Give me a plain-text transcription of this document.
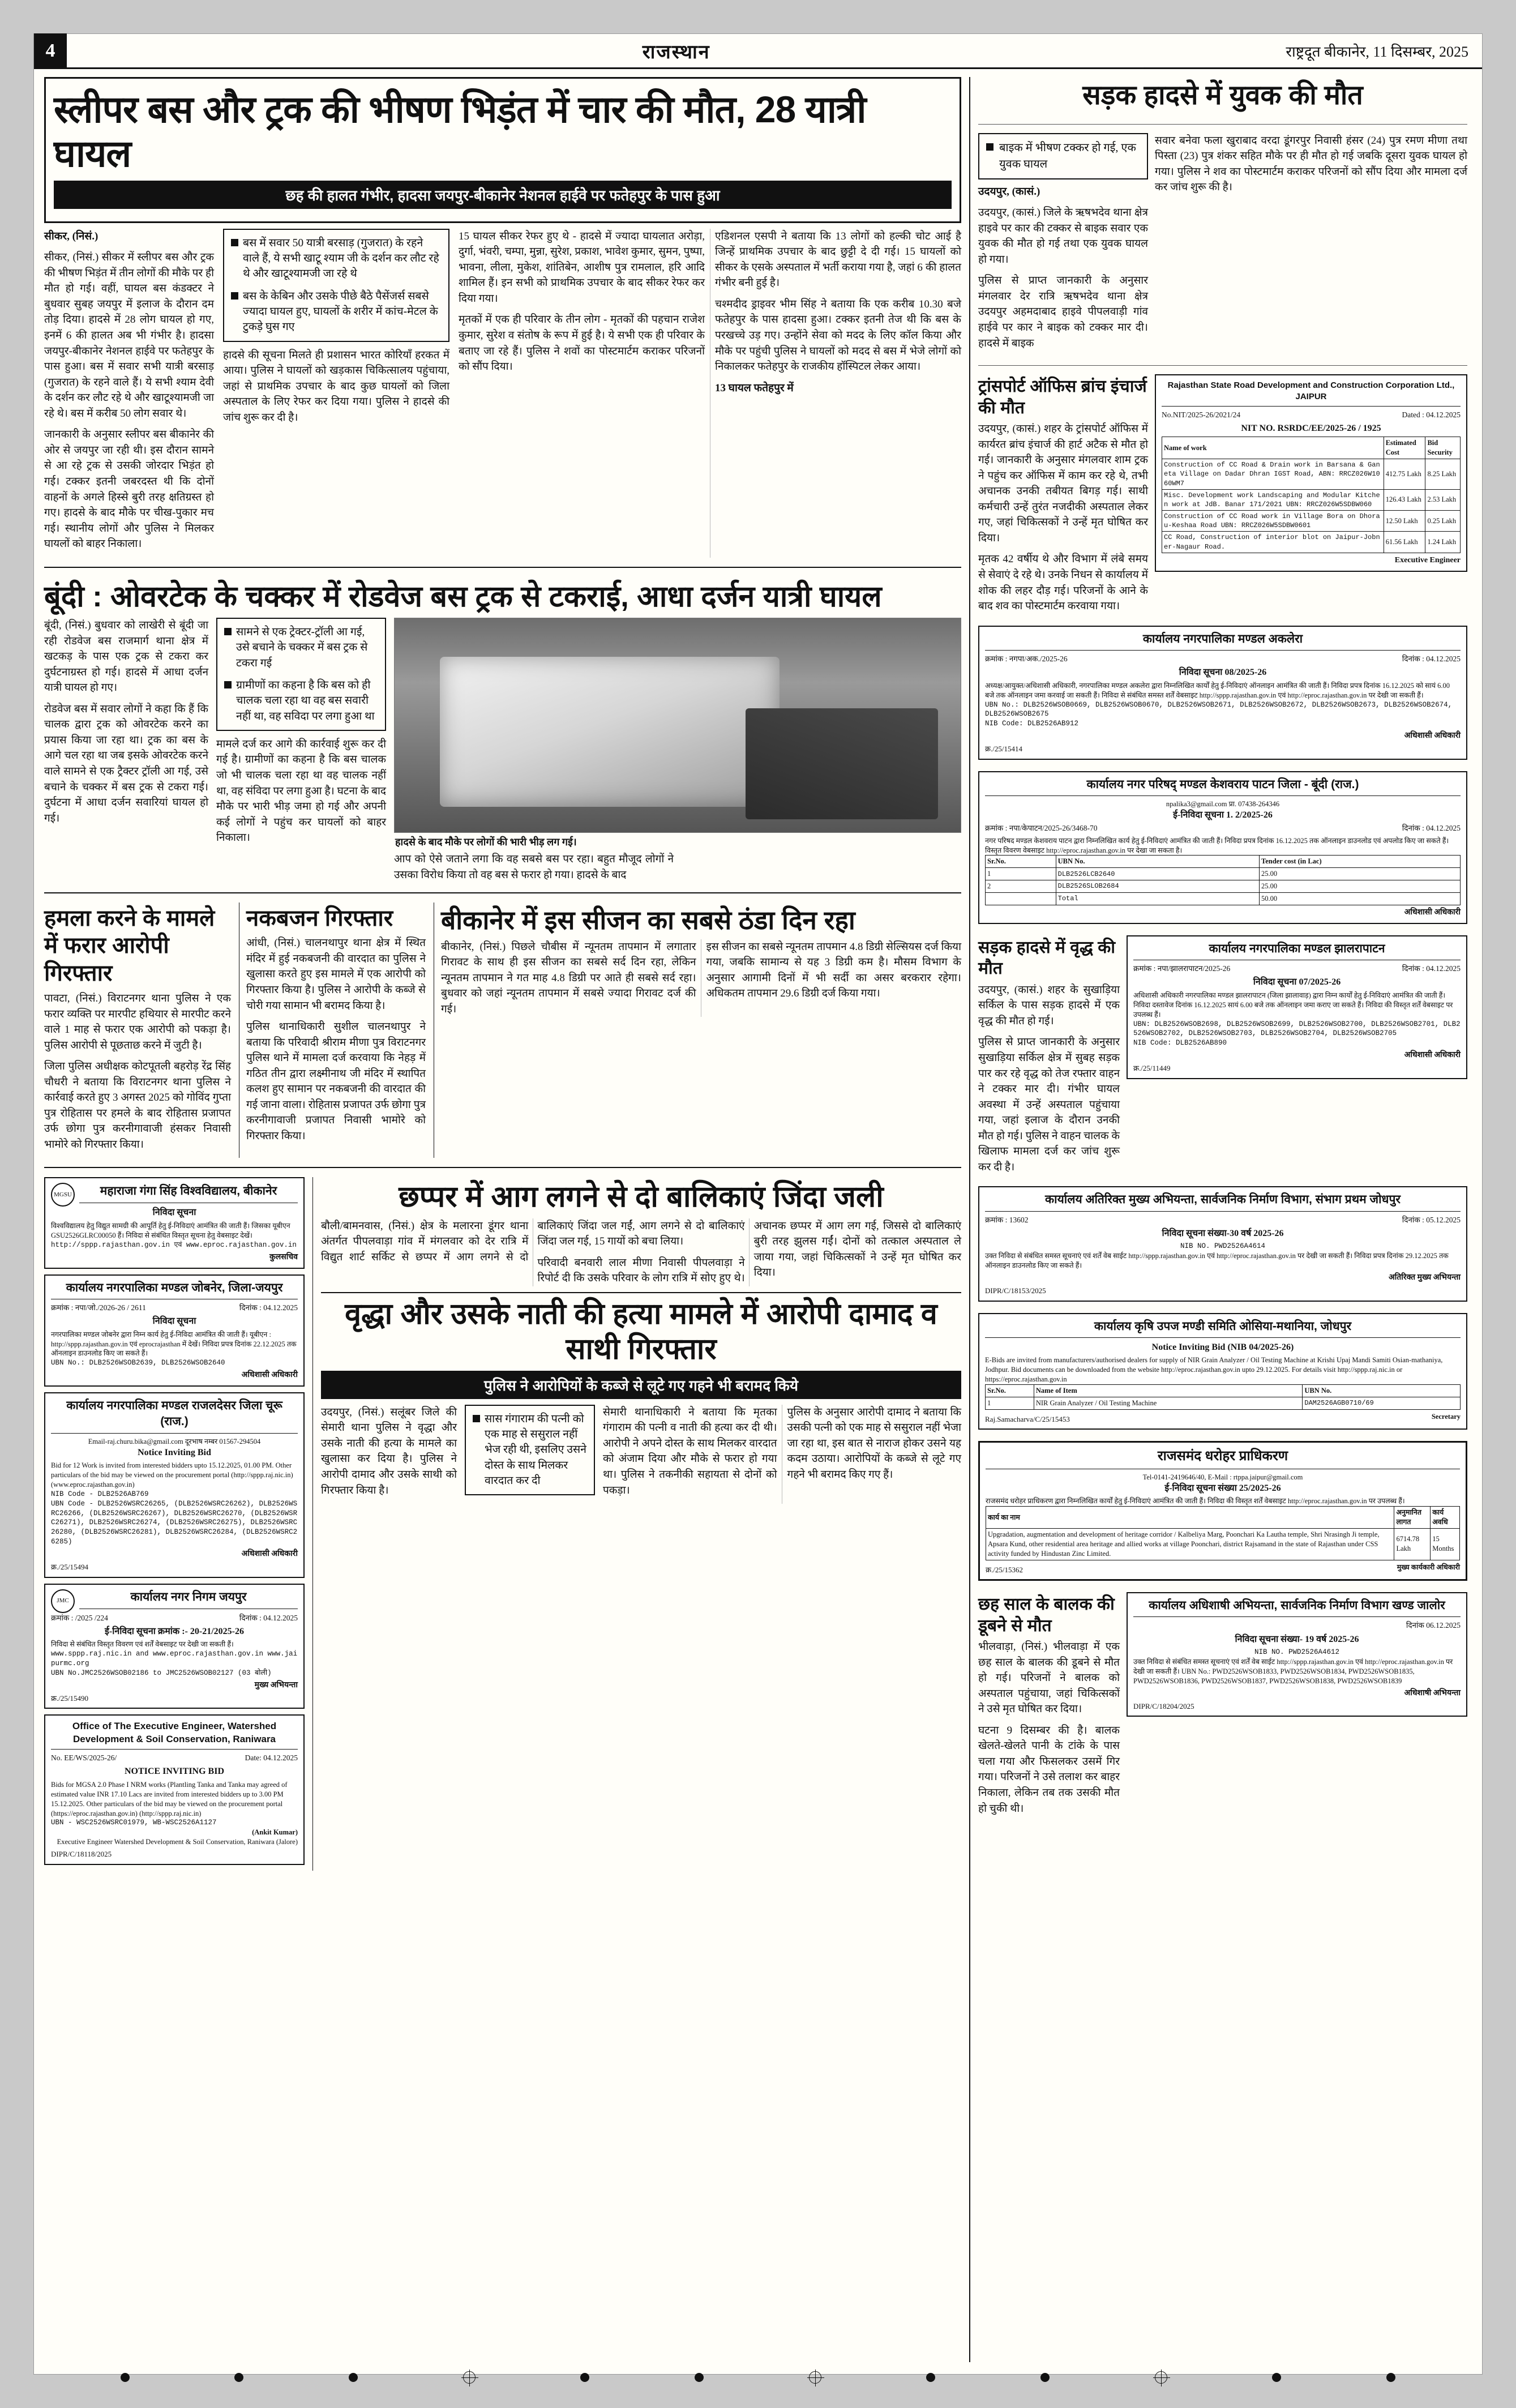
4	राजस्थान	राष्ट्रदूत बीकानेर, 11 दिसम्बर, 2025
स्लीपर बस और ट्रक की भीषण भिड़ंत में चार की मौत, 28 यात्री घायल
छह की हालत गंभीर, हादसा जयपुर-बीकानेर नेशनल हाईवे पर फतेहपुर के पास हुआ

सीकर, (निसं.)

सीकर, (निसं.) सीकर में स्लीपर बस और ट्रक की भीषण भिड़ंत में तीन लोगों की मौके पर ही मौत हो गई। वहीं, घायल बस कंडक्टर ने बुधवार सुबह जयपुर में इलाज के दौरान दम तोड़ दिया। हादसे में 28 लोग घायल हो गए, इनमें 6 की हालत अब भी गंभीर है। हादसा जयपुर-बीकानेर नेशनल हाईवे पर फतेहपुर के पास हुआ। बस में सवार सभी यात्री बरसाड़ (गुजरात) के रहने वाले हैं। ये सभी श्याम देवी के दर्शन कर लौट रहे थे और खाटूश्यामजी जा रहे थे। बस में करीब 50 लोग सवार थे।

जानकारी के अनुसार स्लीपर बस बीकानेर की ओर से जयपुर जा रही थी। इस दौरान सामने से आ रहे ट्रक से उसकी जोरदार भिड़ंत हो गई। टक्कर इतनी जबरदस्त थी कि दोनों वाहनों के अगले हिस्से बुरी तरह क्षतिग्रस्त हो गए। हादसे के बाद मौके पर चीख-पुकार मच गई। स्थानीय लोगों और पुलिस ने मिलकर घायलों को बाहर निकाला।

बस में सवार 50 यात्री बरसाड़ (गुजरात) के रहने वाले हैं, ये सभी खाटू श्याम जी के दर्शन कर लौट रहे थे और खाटूश्यामजी जा रहे थे
बस के केबिन और उसके पीछे बैठे पैसेंजर्स सबसे ज्यादा घायल हुए, घायलों के शरीर में कांच-मेटल के टुकड़े घुस गए

हादसे की सूचना मिलते ही प्रशासन भारत कोरियाँ हरकत में आया। पुलिस ने घायलों को खड़कास चिकित्सालय पहुंचाया, जहां से प्राथमिक उपचार के बाद कुछ घायलों को जिला अस्पताल के लिए रेफर कर दिया गया। पुलिस ने हादसे की जांच शुरू कर दी है।

15 घायल सीकर रेफर हुए थे - हादसे में ज्यादा घायलात अरोड़ा, दुर्गा, भंवरी, चम्पा, मुन्ना, सुरेश, प्रकाश, भावेश कुमार, सुमन, पुष्पा, भावना, लीला, मुकेश, शांतिबेन, आशीष पुत्र रामलाल, हरि आदि शामिल हैं। इन सभी को प्राथमिक उपचार के बाद सीकर रेफर कर दिया गया।

मृतकों में एक ही परिवार के तीन लोग - मृतकों की पहचान राजेश कुमार, सुरेश व संतोष के रूप में हुई है। ये सभी एक ही परिवार के बताए जा रहे हैं। पुलिस ने शवों का पोस्टमार्टम कराकर परिजनों को सौंप दिया।

एडिशनल एसपी ने बताया कि 13 लोगों को हल्की चोट आई है जिन्हें प्राथमिक उपचार के बाद छुट्टी दे दी गई। 15 घायलों को सीकर के एसके अस्पताल में भर्ती कराया गया है, जहां 6 की हालत गंभीर बनी हुई है।

चश्मदीद ड्राइवर भीम सिंह ने बताया कि एक करीब 10.30 बजे फतेहपुर के पास हादसा हुआ। टक्कर इतनी तेज थी कि बस के परखच्चे उड़ गए। उन्होंने सेवा को मदद के लिए कॉल किया और मौके पर पहुंची पुलिस ने घायलों को मदद से बस में भेजे लोगों को निकालकर फतेहपुर के राजकीय हॉस्पिटल लेकर आया।

13 घायल फतेहपुर में

बूंदी : ओवरटेक के चक्कर में रोडवेज बस ट्रक से टकराई, आधा दर्जन यात्री घायल

बूंदी, (निसं.) बुधवार को लाखेरी से बूंदी जा रही रोडवेज बस राजमार्ग थाना क्षेत्र में खटकड़ के पास एक ट्रक से टकरा कर दुर्घटनाग्रस्त हो गई। हादसे में आधा दर्जन यात्री घायल हो गए।

रोडवेज बस में सवार लोगों ने कहा कि हैं कि चालक द्वारा ट्रक को ओवरटेक करने का प्रयास किया जा रहा था। ट्रक का बस के आगे चल रहा था जब इसके ओवरटेक करने वाले सामने से एक ट्रैक्टर ट्रॉली आ गई, उसे बचाने के चक्कर में बस ट्रक से टकरा गई। दुर्घटना में आधा दर्जन सवारियां घायल हो गई।

सामने से एक ट्रेक्टर-ट्रॉली आ गई, उसे बचाने के चक्कर में बस ट्रक से टकरा गई
ग्रामीणों का कहना है कि बस को ही चालक चला रहा था वह बस सवारी नहीं था, वह सविदा पर लगा हुआ था

मामले दर्ज कर आगे की कार्रवाई शुरू कर दी गई है। ग्रामीणों का कहना है कि बस चालक जो भी चालक चला रहा था वह चालक नहीं था, वह संविदा पर लगा हुआ है। घटना के बाद मौके पर भारी भीड़ जमा हो गई और अपनी कई लोगों ने पहुंच कर घायलों को बाहर निकाला।	हादसे के बाद मौके पर लोगों की भारी भीड़ लग गई।

आप को ऐसे जताने लगा कि वह सबसे बस पर रहा। बहुत मौजूद लोगों ने उसका विरोध किया तो वह बस से फरार हो गया। हादसे के बाद

हमला करने के मामले में फरार आरोपी गिरफ्तार

पावटा, (निसं.) विराटनगर थाना पुलिस ने एक फरार व्यक्ति पर मारपीट हथियार से मारपीट करने वाले 1 माह से फरार एक आरोपी को पकड़ा है। पुलिस आरोपी से पूछताछ करने में जुटी है।

जिला पुलिस अधीक्षक कोटपूतली बहरोड़ रेंद्र सिंह चौधरी ने बताया कि विराटनगर थाना पुलिस ने कार्रवाई करते हुए 3 अगस्त 2025 को गोविंद गुप्ता पुत्र रोहितास पर हमले के बाद रोहितास प्रजापत उर्फ छोगा पुत्र करनीगावाजी हंसकर निवासी भामोरे को गिरफ्तार किया।

नकबजन गिरफ्तार

आंधी, (निसं.) चालनथापुर थाना क्षेत्र में स्थित मंदिर में हुई नकबजनी की वारदात का पुलिस ने खुलासा करते हुए इस मामले में एक आरोपी को गिरफ्तार किया है। पुलिस ने आरोपी के कब्जे से चोरी गया सामान भी बरामद किया है।

पुलिस थानाधिकारी सुशील चालनथापुर ने बताया कि परिवादी श्रीराम मीणा पुत्र विराटनगर पुलिस थाने में मामला दर्ज करवाया कि नेहड़ में गठित तीन द्वारा लक्ष्मीनाथ जी मंदिर में स्थापित कलश हुए सामान पर नकबजनी की वारदात की गई जाना वाला। रोहितास प्रजापत उर्फ छोगा पुत्र करनीगावाजी प्रजापत निवासी भामोरे को गिरफ्तार किया।

बीकानेर में इस सीजन का सबसे ठंडा दिन रहा

बीकानेर, (निसं.) पिछले चौबीस में न्यूनतम तापमान में लगातार गिरावट के साथ ही इस सीजन का सबसे सर्द दिन रहा, लेकिन न्यूनतम तापमान ने गत माह 4.8 डिग्री पर आते ही सबसे सर्द रहा। बुधवार को जहां न्यूनतम तापमान में सबसे ज्यादा गिरावट दर्ज की गई।

इस सीजन का सबसे न्यूनतम तापमान 4.8 डिग्री सेल्सियस दर्ज किया गया, जबकि सामान्य से यह 3 डिग्री कम है। मौसम विभाग के अनुसार आगामी दिनों में भी सर्दी का असर बरकरार रहेगा। अधिकतम तापमान 29.6 डिग्री दर्ज किया गया।

MGSU	महाराजा गंगा सिंह विश्वविद्यालय, बीकानेर
निविदा सूचना
विश्वविद्यालय हेतु विद्युत सामग्री की आपूर्ति हेतु ई-निविदाएं आमंत्रित की जाती हैं। जिसका यूबीएन GSU2526GLRC00050 हैं। निविदा से संबंधित विस्तृत सूचना हेतु वेबसाइट देखें।
http://sppp.rajasthan.gov.in एवं www.eproc.rajasthan.gov.in
कुलसचिव
कार्यालय नगरपालिका मण्डल जोबनेर, जिला-जयपुर
क्रमांक : नपा/जो./2026-26 / 2611	दिनांक : 04.12.2025
निविदा सूचना
नगरपालिका मण्डल जोबनेर द्वारा निम्न कार्य हेतु ई-निविदा आमंत्रित की जाती हैं। यूबीएन : http://sppp.rajasthan.gov.in एवं eprocrajasthan में देखें। निविदा प्रपत्र दिनांक 22.12.2025 तक ऑनलाइन डाउनलोड किए जा सकते हैं।
UBN No.: DLB2526WSOB2639, DLB2526WSOB2640
अधिशासी अधिकारी
कार्यालय नगरपालिका मण्डल राजलदेसर जिला चूरू (राज.)
Email-raj.churu.bika@gmail.com दूरभाष नम्बर 01567-294504
Notice Inviting Bid
Bid for 12 Work is invited from interested bidders upto 15.12.2025, 01.00 PM. Other particulars of the bid may be viewed on the procurement portal (http://sppp.raj.nic.in) (www.eproc.rajasthan.gov.in)
NIB Code - DLB2526AB769
UBN Code - DLB2526WSRC26265, (DLB2526WSRC26262), DLB2526WSRC26266, (DLB2526WSRC26267), DLB2526WSRC26270, (DLB2526WSRC26271), DLB2526WSRC26274, (DLB2526WSRC26275), DLB2526WSRC26280, (DLB2526WSRC26281), DLB2526WSRC26284, (DLB2526WSRC26285)
अधिशासी अधिकारी
क्र./25/15494
JMC	कार्यालय नगर निगम जयपुर
क्रमांक : /2025 /224	दिनांक : 04.12.2025
ई-निविदा सूचना क्रमांक :- 20-21/2025-26
निविदा से संबंधित विस्तृत विवरण एवं शर्तें वेबसाइट पर देखी जा सकती हैं।
www.sppp.raj.nic.in and www.eproc.rajasthan.gov.in www.jaipurmc.org
UBN No.JMC2526WSOB02186 to JMC2526WSOB02127 (03 बोली)
मुख्य अभियन्ता
क्र./25/15490
Office of The Executive Engineer, Watershed Development & Soil Conservation, Raniwara
No. EE/WS/2025-26/	Date: 04.12.2025
NOTICE INVITING BID
Bids for MGSA 2.0 Phase I NRM works (Plantling Tanka and Tanka may agreed of estimated value INR 17.10 Lacs are invited from interested bidders up to 3.00 PM 15.12.2025. Other particulars of the bid may be viewed on the procurement portal (https://eproc.rajasthan.gov.in) (http://sppp.raj.nic.in)
UBN - WSC2526WSRC01979, WB-WSC2526A1127
(Ankit Kumar)
Executive Engineer Watershed Development & Soil Conservation, Raniwara (Jalore)
DIPR/C/18118/2025
छप्पर में आग लगने से दो बालिकाएं जिंदा जली

बौली/बामनवास, (निसं.) क्षेत्र के मलारना डूंगर थाना अंतर्गत पीपलवाड़ा गांव में मंगलवार को देर रात्रि में विद्युत शार्ट सर्किट से छप्पर में आग लगने से दो बालिकाएं जिंदा जल गईं, आग लगने से दो बालिकाएं जिंदा जल गई, 15 गायों को बचा लिया।

परिवादी बनवारी लाल मीणा निवासी पीपलवाड़ा ने रिपोर्ट दी कि उसके परिवार के लोग रात्रि में सोए हुए थे। अचानक छप्पर में आग लग गई, जिससे दो बालिकाएं बुरी तरह झुलस गईं। दोनों को तत्काल अस्पताल ले जाया गया, जहां चिकित्सकों ने उन्हें मृत घोषित कर दिया।

वृद्धा और उसके नाती की हत्या मामले में आरोपी दामाद व साथी गिरफ्तार
पुलिस ने आरोपियों के कब्जे से लूटे गए गहने भी बरामद किये

उदयपुर, (निसं.) सलूंबर जिले की सेमारी थाना पुलिस ने वृद्धा और उसके नाती की हत्या के मामले का खुलासा कर दिया है। पुलिस ने आरोपी दामाद और उसके साथी को गिरफ्तार किया है।

सास गंगाराम की पत्नी को एक माह से ससुराल नहीं भेज रही थी, इसलिए उसने दोस्त के साथ मिलकर वारदात कर दी

सेमारी थानाधिकारी ने बताया कि मृतका गंगाराम की पत्नी व नाती की हत्या कर दी थी। आरोपी ने अपने दोस्त के साथ मिलकर वारदात को अंजाम दिया और मौके से फरार हो गया था। पुलिस ने तकनीकी सहायता से दोनों को पकड़ा।

पुलिस के अनुसार आरोपी दामाद ने बताया कि उसकी पत्नी को एक माह से ससुराल नहीं भेजा जा रहा था, इस बात से नाराज होकर उसने यह कदम उठाया। आरोपियों के कब्जे से लूटे गए गहने भी बरामद किए गए हैं।

सड़क हादसे में युवक की मौत
बाइक में भीषण टक्कर हो गई, एक युवक घायल

उदयपुर, (कासं.)

उदयपुर, (कासं.) जिले के ऋषभदेव थाना क्षेत्र हाइवे पर कार की टक्कर से बाइक सवार एक युवक की मौत हो गई तथा एक युवक घायल हो गया।

पुलिस से प्राप्त जानकारी के अनुसार मंगलवार देर रात्रि ऋषभदेव थाना क्षेत्र उदयपुर अहमदाबाद हाइवे पीपलवाड़ी गांव हाईवे पर कार ने बाइक को टक्कर मार दी। हादसे में बाइक

सवार बनेवा फला खुराबाद वरदा डूंगरपुर निवासी हंसर (24) पुत्र रमण मीणा तथा पिस्ता (23) पुत्र शंकर सहित मौके पर ही मौत हो गई जबकि दूसरा युवक घायल हो गया। पुलिस ने शव का पोस्टमार्टम कराकर परिजनों को सौंप दिया और मामला दर्ज कर जांच शुरू की है।

ट्रांसपोर्ट ऑफिस ब्रांच इंचार्ज की मौत

उदयपुर, (कासं.) शहर के ट्रांसपोर्ट ऑफिस में कार्यरत ब्रांच इंचार्ज की हार्ट अटैक से मौत हो गई। जानकारी के अनुसार मंगलवार शाम ट्रक ने पहुंच कर ऑफिस में काम कर रहे थे, तभी अचानक उनकी तबीयत बिगड़ गई। साथी कर्मचारी उन्हें तुरंत नजदीकी अस्पताल लेकर गए, जहां चिकित्सकों ने उन्हें मृत घोषित कर दिया।

मृतक 42 वर्षीय थे और विभाग में लंबे समय से सेवाएं दे रहे थे। उनके निधन से कार्यालय में शोक की लहर दौड़ गई। परिजनों के आने के बाद शव का पोस्टमार्टम करवाया गया।

Rajasthan State Road Development and Construction Corporation Ltd., JAIPUR
No.NIT/2025-26/2021/24	Dated : 04.12.2025
NIT NO. RSRDC/EE/2025-26 / 1925
Name of work	Estimated Cost	Bid Security
Construction of CC Road & Drain work in Barsana & Ganeta Village on Dadar Dhran IGST Road, ABN: RRCZ026W1060WM7	412.75 Lakh	8.25 Lakh
Misc. Development work Landscaping and Modular Kitchen work at JdB. Banar 171/2021 UBN: RRCZ026W5SDBW060	126.43 Lakh	2.53 Lakh
Construction of CC Road work in Village Bora on Dhorau-Keshaa Road UBN: RRCZ026W5SDBW0601	12.50 Lakh	0.25 Lakh
CC Road, Construction of interior blot on Jaipur-Jobner-Nagaur Road.	61.56 Lakh	1.24 Lakh
Executive Engineer
कार्यालय नगरपालिका मण्डल अकलेरा
क्रमांक : नगपा/अक./2025-26	दिनांक : 04.12.2025
निविदा सूचना 08/2025-26
अध्यक्ष/आयुक्त/अधिशासी अधिकारी, नगरपालिका मण्डल अकलेरा द्वारा निम्नलिखित कार्यों हेतु ई-निविदाएं ऑनलाइन आमंत्रित की जाती हैं। निविदा प्रपत्र दिनांक 16.12.2025 को सायं 6.00 बजे तक ऑनलाइन जमा करवाई जा सकती हैं। निविदा से संबंधित समस्त शर्तें वेबसाइट http://sppp.rajasthan.gov.in एवं http://eproc.rajasthan.gov.in पर देखी जा सकती हैं।
UBN No.: DLB2526WSOB0669, DLB2526WSOB0670, DLB2526WSOB2671, DLB2526WSOB2672, DLB2526WSOB2673, DLB2526WSOB2674, DLB2526WSOB2675
NIB Code: DLB2526AB912
अधिशासी अधिकारी
क्र./25/15414
कार्यालय नगर परिषद् मण्डल केशवराय पाटन जिला - बूंदी (राज.)
npalika3@gmail.com प्रा. 07438-264346
ई-निविदा सूचना 1. 2/2025-26
क्रमांक : नपा/केपाटन/2025-26/3468-70	दिनांक : 04.12.2025
नगर परिषद मण्डल केशवराय पाटन द्वारा निम्नलिखित कार्य हेतु ई-निविदाएं आमंत्रित की जाती हैं। निविदा प्रपत्र दिनांक 16.12.2025 तक ऑनलाइन डाउनलोड एवं अपलोड किए जा सकते हैं। विस्तृत विवरण वेबसाइट http://eproc.rajasthan.gov.in पर देखा जा सकता है।
Sr.No.	UBN No.	Tender cost (in Lac)
1	DLB2526LCB2640	25.00
2	DLB2526SLOB2684	25.00
	Total	50.00
अधिशासी अधिकारी
सड़क हादसे में वृद्ध की मौत

उदयपुर, (कासं.) शहर के सुखाड़िया सर्किल के पास सड़क हादसे में एक वृद्ध की मौत हो गई।

पुलिस से प्राप्त जानकारी के अनुसार सुखाड़िया सर्किल क्षेत्र में सुबह सड़क पार कर रहे वृद्ध को तेज रफ्तार वाहन ने टक्कर मार दी। गंभीर घायल अवस्था में उन्हें अस्पताल पहुंचाया गया, जहां इलाज के दौरान उनकी मौत हो गई। पुलिस ने वाहन चालक के खिलाफ मामला दर्ज कर जांच शुरू कर दी है।

कार्यालय नगरपालिका मण्डल झालरापाटन
क्रमांक : नपा/झालरापाटन/2025-26	दिनांक : 04.12.2025
निविदा सूचना 07/2025-26
अधिशासी अधिकारी नगरपालिका मण्डल झालरापाटन (जिला झालावाड़) द्वारा निम्न कार्यों हेतु ई-निविदाएं आमंत्रित की जाती हैं। निविदा दस्तावेज दिनांक 16.12.2025 सायं 6.00 बजे तक ऑनलाइन जमा कराए जा सकते हैं। निविदा की विस्तृत शर्तें वेबसाइट पर उपलब्ध हैं।
UBN: DLB2526WSOB2698, DLB2526WSOB2699, DLB2526WSOB2700, DLB2526WSOB2701, DLB2526WSOB2702, DLB2526WSOB2703, DLB2526WSOB2704, DLB2526WSOB2705
NIB Code: DLB2526AB890
अधिशासी अधिकारी
क्र./25/11449
कार्यालय अतिरिक्त मुख्य अभियन्ता, सार्वजनिक निर्माण विभाग, संभाग प्रथम जोधपुर
क्रमांक : 13602	दिनांक : 05.12.2025
निविदा सूचना संख्या-30 वर्ष 2025-26
NIB NO. PWD2526A4614
उक्त निविदा से संबंधित समस्त सूचनाएं एवं शर्तें वेब साईट http://sppp.rajasthan.gov.in एवं http://eproc.rajasthan.gov.in पर देखी जा सकती हैं। निविदा प्रपत्र दिनांक 29.12.2025 तक ऑनलाइन डाउनलोड किए जा सकते हैं।
अतिरिक्त मुख्य अभियन्ता
DIPR/C/18153/2025
कार्यालय कृषि उपज मण्डी समिति ओसिया-मथानिया, जोधपुर
Notice Inviting Bid (NIB 04/2025-26)
E-Bids are invited from manufacturers/authorised dealers for supply of NIR Grain Analyzer / Oil Testing Machine at Krishi Upaj Mandi Samiti Osian-mathaniya, Jodhpur. Bid documents can be downloaded from the website http://eproc.rajasthan.gov.in upto 29.12.2025. For details visit http://sppp.raj.nic.in or https://eproc.rajasthan.gov.in
Sr.No.	Name of Item	UBN No.
1	NIR Grain Analyzer / Oil Testing Machine	DAM2526AGB0710/69
Raj.Samacharva/C/25/15453	Secretary
राजसमंद धरोहर प्राधिकरण
Tel-0141-2419646/40, E-Mail : rtppa.jaipur@gmail.com
ई-निविदा सूचना संख्या 25/2025-26
राजसमंद धरोहर प्राधिकरण द्वारा निम्नलिखित कार्यों हेतु ई-निविदाएं आमंत्रित की जाती हैं। निविदा की विस्तृत शर्तें वेबसाइट http://eproc.rajasthan.gov.in पर उपलब्ध हैं।
कार्य का नाम	अनुमानित लागत	कार्य अवधि
Upgradation, augmentation and development of heritage corridor / Kalbeliya Marg, Poonchari Ka Lautha temple, Shri Nrasingh Ji temple, Apsara Kund, other residential area heritage and allied works at village Poonchari, district Rajsamand in the state of Rajasthan under CSS activity funded by Hindustan Zinc Limited.	6714.78 Lakh	15 Months
क्र./25/15362	मुख्य कार्यकारी अधिकारी
छह साल के बालक की डूबने से मौत

भीलवाड़ा, (निसं.) भीलवाड़ा में एक छह साल के बालक की डूबने से मौत हो गई। परिजनों ने बालक को अस्पताल पहुंचाया, जहां चिकित्सकों ने उसे मृत घोषित कर दिया।

घटना 9 दिसम्बर की है। बालक खेलते-खेलते पानी के टांके के पास चला गया और फिसलकर उसमें गिर गया। परिजनों ने उसे तलाश कर बाहर निकाला, लेकिन तब तक उसकी मौत हो चुकी थी।

कार्यालय अधिशाषी अभियन्ता, सार्वजनिक निर्माण विभाग खण्ड जालोर
दिनांक 06.12.2025
निविदा सूचना संख्या- 19 वर्ष 2025-26
NIB NO. PWD2526A4612
उक्त निविदा से संबंधित समस्त सूचनाएं एवं शर्तें वेब साईट http://sppp.rajasthan.gov.in एवं http://eproc.rajasthan.gov.in पर देखी जा सकती हैं। UBN No.: PWD2526WSOB1833, PWD2526WSOB1834, PWD2526WSOB1835, PWD2526WSOB1836, PWD2526WSOB1837, PWD2526WSOB1838, PWD2526WSOB1839
अधिशाषी अभियन्ता
DIPR/C/18204/2025
